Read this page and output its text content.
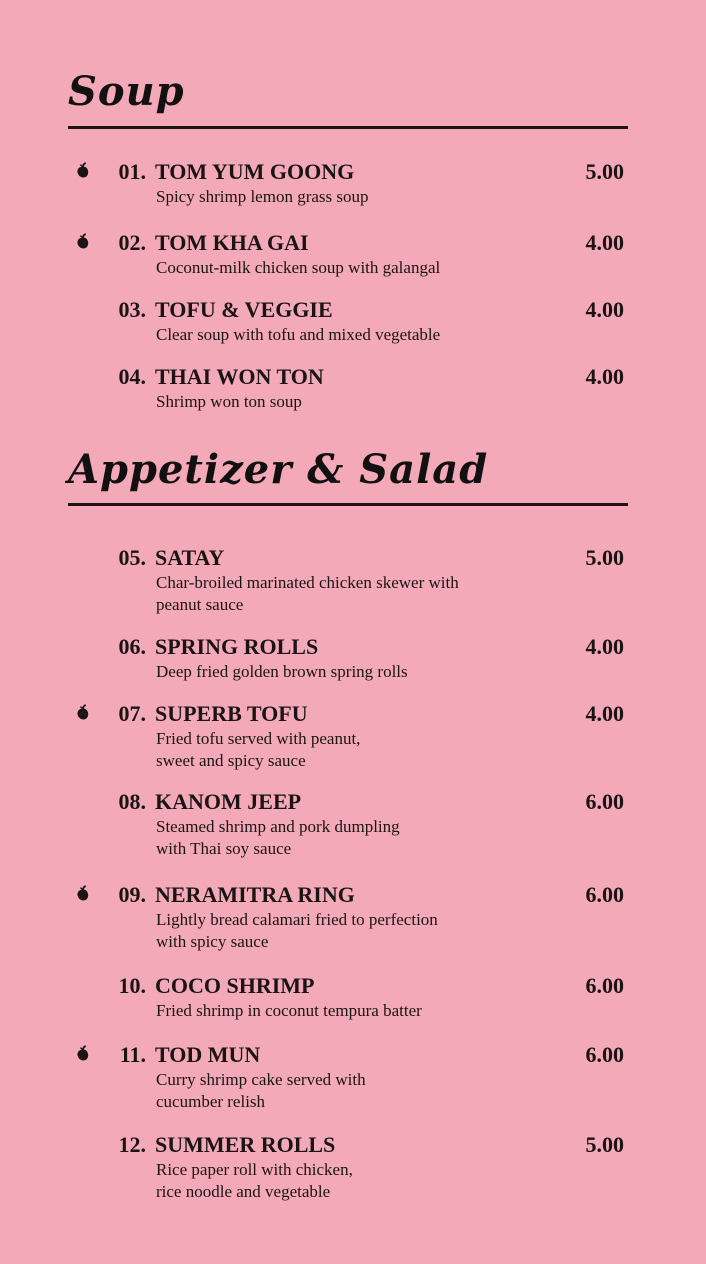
Soup
Appetizer & Salad
01. TOM YUM GOONG
Spicy shrimp lemon grass soup
5.00
02. TOM KHA GAI
Coconut-milk chicken soup with galangal
4.00
03. TOFU & VEGGIE
Clear soup with tofu and mixed vegetable
4.00
04. THAI WON TON
Shrimp won ton soup
4.00
05. SATAY
Char-broiled marinated chicken skewer with
peanut sauce
5.00
06. SPRING ROLLS
Deep fried golden brown spring rolls
4.00
07. SUPERB TOFU
Fried tofu served with peanut,
sweet and spicy sauce
4.00
08. KANOM JEEP
Steamed shrimp and pork dumpling
with Thai soy sauce
6.00
09. NERAMITRA RING
Lightly bread calamari fried to perfection
with spicy sauce
6.00
10. COCO SHRIMP
Fried shrimp in coconut tempura batter
6.00
11. TOD MUN
Curry shrimp cake served with
cucumber relish
6.00
12. SUMMER ROLLS
Rice paper roll with chicken,
rice noodle and vegetable
5.00
